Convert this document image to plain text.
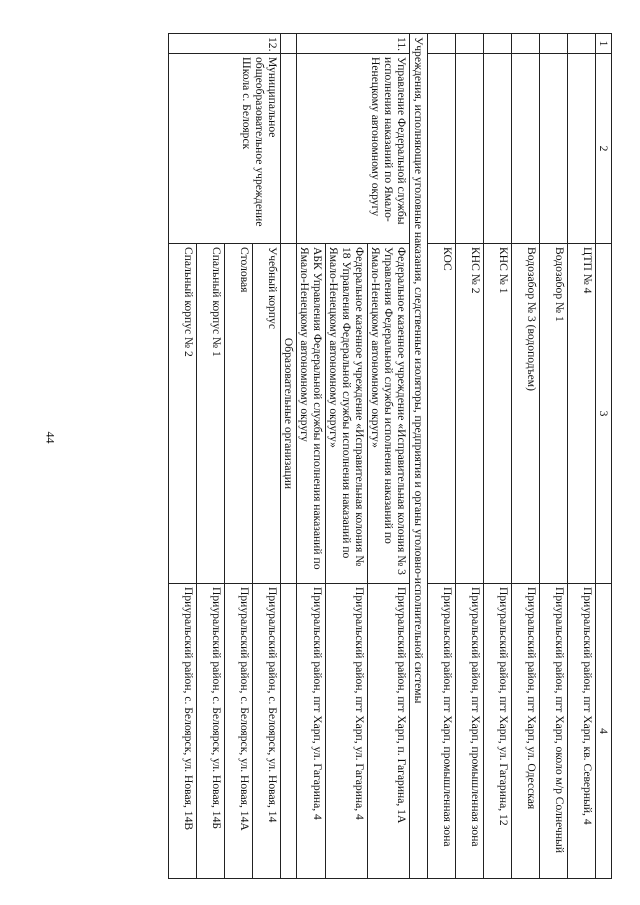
44
1	2	3	4
		ЦТП № 4	Приуральский район, пгт Харп, кв. Северный, 4
		Водозабор № 1	Приуральский район, пгт Харп, около м/р Солнечный
		Водозабор № 3 (водоподъем)	Приуральский район, пгт Харп, ул. Одесская
		КНС № 1	Приуральский район, пгт Харп, ул. Гагарина, 12
		КНС № 2	Приуральский район, пгт Харп, промышленная зона
		КОС	Приуральский район, пгт Харп, промышленная зона
Учреждения, исполняющие уголовные наказания, следственные изоляторы, предприятия и органы уголовно-исполнительной системы			
11.	Управление Федеральной службы исполнения наказаний по Ямало-Ненецкому автономному округу	Федеральное казенное учреждение «Исправительная колония № 3 Управления Федеральной службы исполнения наказаний по Ямало-Ненецкому автономному округу»	Приуральский район, пгт Харп, п. Гагарина, 1А
		Федеральное казенное учреждение «Исправительная колония № 18 Управления Федеральной службы исполнения наказаний по Ямало-Ненецкому автономному округу»	Приуральский район, пгт Харп, ул. Гагарина, 4
		АБК Управления Федеральной службы исполнения наказаний по Ямало-Ненецкому автономному округу	Приуральский район, пгт Харп, ул. Гагарина, 4
		Образовательные организации	
12.	Муниципальное общеобразовательное учреждение Школа с. Белоярск	Учебный корпус	Приуральский район, с. Белоярск, ул. Новая, 14
		Столовая	Приуральский район, с. Белоярск, ул. Новая, 14А
		Спальный корпус № 1	Приуральский район, с. Белоярск, ул. Новая, 14Б
		Спальный корпус № 2	Приуральский район, с. Белоярск, ул. Новая, 14В
